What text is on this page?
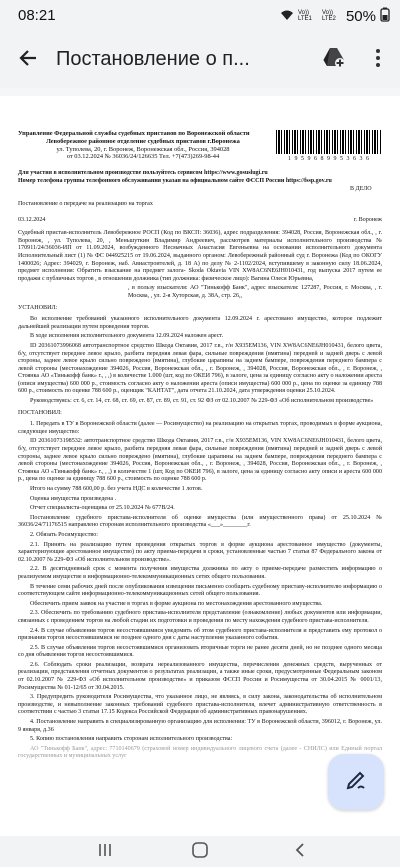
08:21	Vo)) LTE1
Vo)) LTE2 50%
Постановление о п...
Управление Федеральной службы судебных приставов по Воронежской области
Левобережное районное отделение судебных приставов г.Воронежа
ул. Туполева, 20, г. Воронеж, Воронежская обл., Россия, 394028
от 03.12.2024 № 36036/24/126635 Тел. +7(473)269-98-44	1 9 5 9 6 8 9 9 5 3 6 3 6
Для участия в исполнительном производстве пользуйтесь сервисом https://www.gosuslugi.ru
Номер телефона группы телефонного обслуживания указан на официальном сайте ФССП России https://fssp.gov.ru
В ДЕЛО

Постановление о передаче на реализацию на торгах

03.12.2024	г. Воронеж

Судебный пристав-исполнитель Левобережное РОСП (Код по ВКСП: 36036), адрес подразделения: 394028, Россия, Воронежская обл., , г. Воронеж, , ул. Туполева, 20, , Меньшуткин Владимир Андреевич, рассмотрев материалы исполнительного производства № 170911/24/36036-ИП от 11.09.2024, возбужденного Несмачных Анастасия Евгеньевна на основании исполнительного документа Исполнительный лист (1) № ФС 044925215 от 19.06.2024, выданного органом: Левобережный районный суд г. Воронежа (Код по ОКОГУ 1400026; Адрес: 394029, г. Воронеж, наб. Авиастроителей, д. 18 А) по делу № 2-1102/2024, вступившему в законную силу 18.06.2024, предмет исполнения: Обратить взыскание на предмет залога- Skoda Oktavia VIN XW8AC6NE6JH010431, год выпуска 2017 путем ее продажи с публичных торгов , в отношении должника (тип должника: физическое лицо): Вагина Олеся Юрьевна,

, в пользу взыскателя: АО "Тинькофф Банк", адрес взыскателя: 127287, Россия, г. Москва, , г. Москва, , ул. 2-я Хуторская, д. 38А, стр. 26,,

УСТАНОВИЛ:

Во исполнение требований указанного исполнительного документа 12.09.2024 г. арестовано имущество, которое подлежит дальнейшей реализации путем проведения торгов.

В ходе исполнения исполнительного документа 12.09.2024 наложен арест.

ID 20361073996068 автотранспортное средство Шкода Октавия, 2017 г.в., г/н Х935ЕМ136, VIN XW8AC6NE6JH010431, белого цвета, б/у, отсутствует переднее левое крыло, разбита передняя левая фара, сильные повреждения (вмятина) передней и задней дверь с левой стороны, заднее левое крыло сильно повреждено (вмятина), глубокие царапины на заднем бампере, повреждения переднего бампера с левой стороны (местонахождение 394026, Россия, Воронежская обл., , г. Воронеж, , 394028, Россия, Воронежская обл., , г. Воронеж, , Стоянка АО «Тинькофф банк» г., , ,) в количестве 1.000 (шт, код по ОКЕИ 796), в залоге, цена за единицу согласно акту о наложении ареста (описи имущества) 600 000 р., стоимость согласно акту о наложении ареста (описи имущества) 600 000 р., цена по оценке за единицу 788 600 р., стоимость по оценке 788 600 р., оценщик "КАНТАТ", дата отчета 21.10.2024, дата утверждения оценки 25.10.2024.

Руководствуясь: ст. 6, ст. 14, ст. 68, ст. 69, ст. 87, ст. 89, ст. 91, ст. 92 ФЗ от 02.10.2007 № 229-ФЗ «Об исполнительном производстве»

ПОСТАНОВИЛ:

1. Передать в ТУ в Воронежской области (далее — Росимущество) на реализацию на открытых торгах, проводимых в форме аукциона, следующее имущество:

ID 20361073198532: автотранспортное средство Шкода Октавия, 2017 г.в., г/н Х935ЕМ136, VIN XW8AC6NE6JH010431, белого цвета, б/у, отсутствует переднее левое крыло, разбита передняя левая фара, сильные повреждения (вмятина) передней и задней дверь с левой стороны, заднее левое крыло сильно повреждено (вмятина), глубокие царапины на заднем бампере, повреждения переднего бампера с левой стороны (местонахождение 394026, Россия, Воронежская обл., , г. Воронеж, , 394028, Россия, Воронежская обл., , г. Воронеж, , Стоянка АО «Тинькофф банк» г., , ,) в количестве 1 (шт, Код по ОКЕИ 796), в залоге, цена за единицу согласно акту описи и ареста 600 000 р., цена по оценке за единицу 788 600 р., стоимость по оценке 788 600 р.

Итого на сумму 788 600,00 р. без учета НДС в количестве 1 лотов.

Оценка имущества произведена .

Отчет специалиста-оценщика от 25.10.2024 № 677В/24.

Постановление судебного пристава-исполнителя об оценке имущества (или имущественного права) от 25.10.2024 № 36036/24/71176515 направлено сторонам исполнительного производства «___»________г.

2. Обязать Росимущество:

2.1. Принять на реализацию путем проведения открытых торгов в форме аукциона арестованное имущество (документы, характеризующие арестованное имущество) по акту приема-передачи в сроки, установленные частью 7 статьи 87 Федерального закона от 02.10.2007 № 229-ФЗ «Об исполнительном производстве».

2.2. В десятидневный срок с момента получения имущества должника по акту о приеме-передаче разместить информацию о реализуемом имуществе в информационно-телекоммуникационных сетях общего пользования.

В течение семи рабочих дней после опубликования извещения письменно сообщить судебному приставу-исполнителю информацию о соответствующем сайте информационно-телекоммуникационных сетей общего пользования.

Обеспечить прием заявок на участие в торгах в форме аукциона по местонахождения арестованного имущества.

2.3. Обеспечить по требованию судебного пристава-исполнителя представление (ознакомление) любых документов или информации, связанных с проведением торгов на любой стадии их подготовки и проведения по месту нахождения судебного пристава-исполнителя.

2.4. В случае объявления торгов несостоявшимися уведомить об этом судебного пристава-исполнителя и представить ему протокол о признании торгов несостоявшимися не позднее одного дня с даты наступления указанного события.

2.5. В случае объявления торгов несостоявшимися организовать вторичные торги не ранее десяти дней, но не позднее одного месяца со дня объявления торгов несостоявшимися.

2.6. Соблюдать сроки реализации, возврата нереализованного имущества, перечисления денежных средств, вырученных от реализации, представления отчетных документов о результатах реализации, а также иные сроки, предусмотренные Федеральным законом от 02.10.2007 № 229-ФЗ «Об исполнительном производстве» и приказом ФССП России и Росимущества от 30.04.2015 № 0001/13, Росимущества № 01-12/65 от 30.04.2015.

3. Предупредить руководителя Росимущества, что указанное лицо, не являясь, в силу закона, законодательства об исполнительном производстве, и невыполнение законных требований судебного пристава-исполнителя, влечет административную ответственность в соответствии с частью 3 статьи 17.15 Кодекса Российской Федерации об административных правонарушениях.

4. Постановление направить в специализированную организацию для исполнения: ТУ в Воронежской области, 396012, г. Воронеж, ул. 9 января, д.36

5. Копию постановления направить сторонам исполнительного производства:

АО "Тинькофф Банк", адрес: 7710140679 (страховой номер индивидуального лицевого счета (далее - СНИЛС) или Единый портал государственных и муниципальных услуг
